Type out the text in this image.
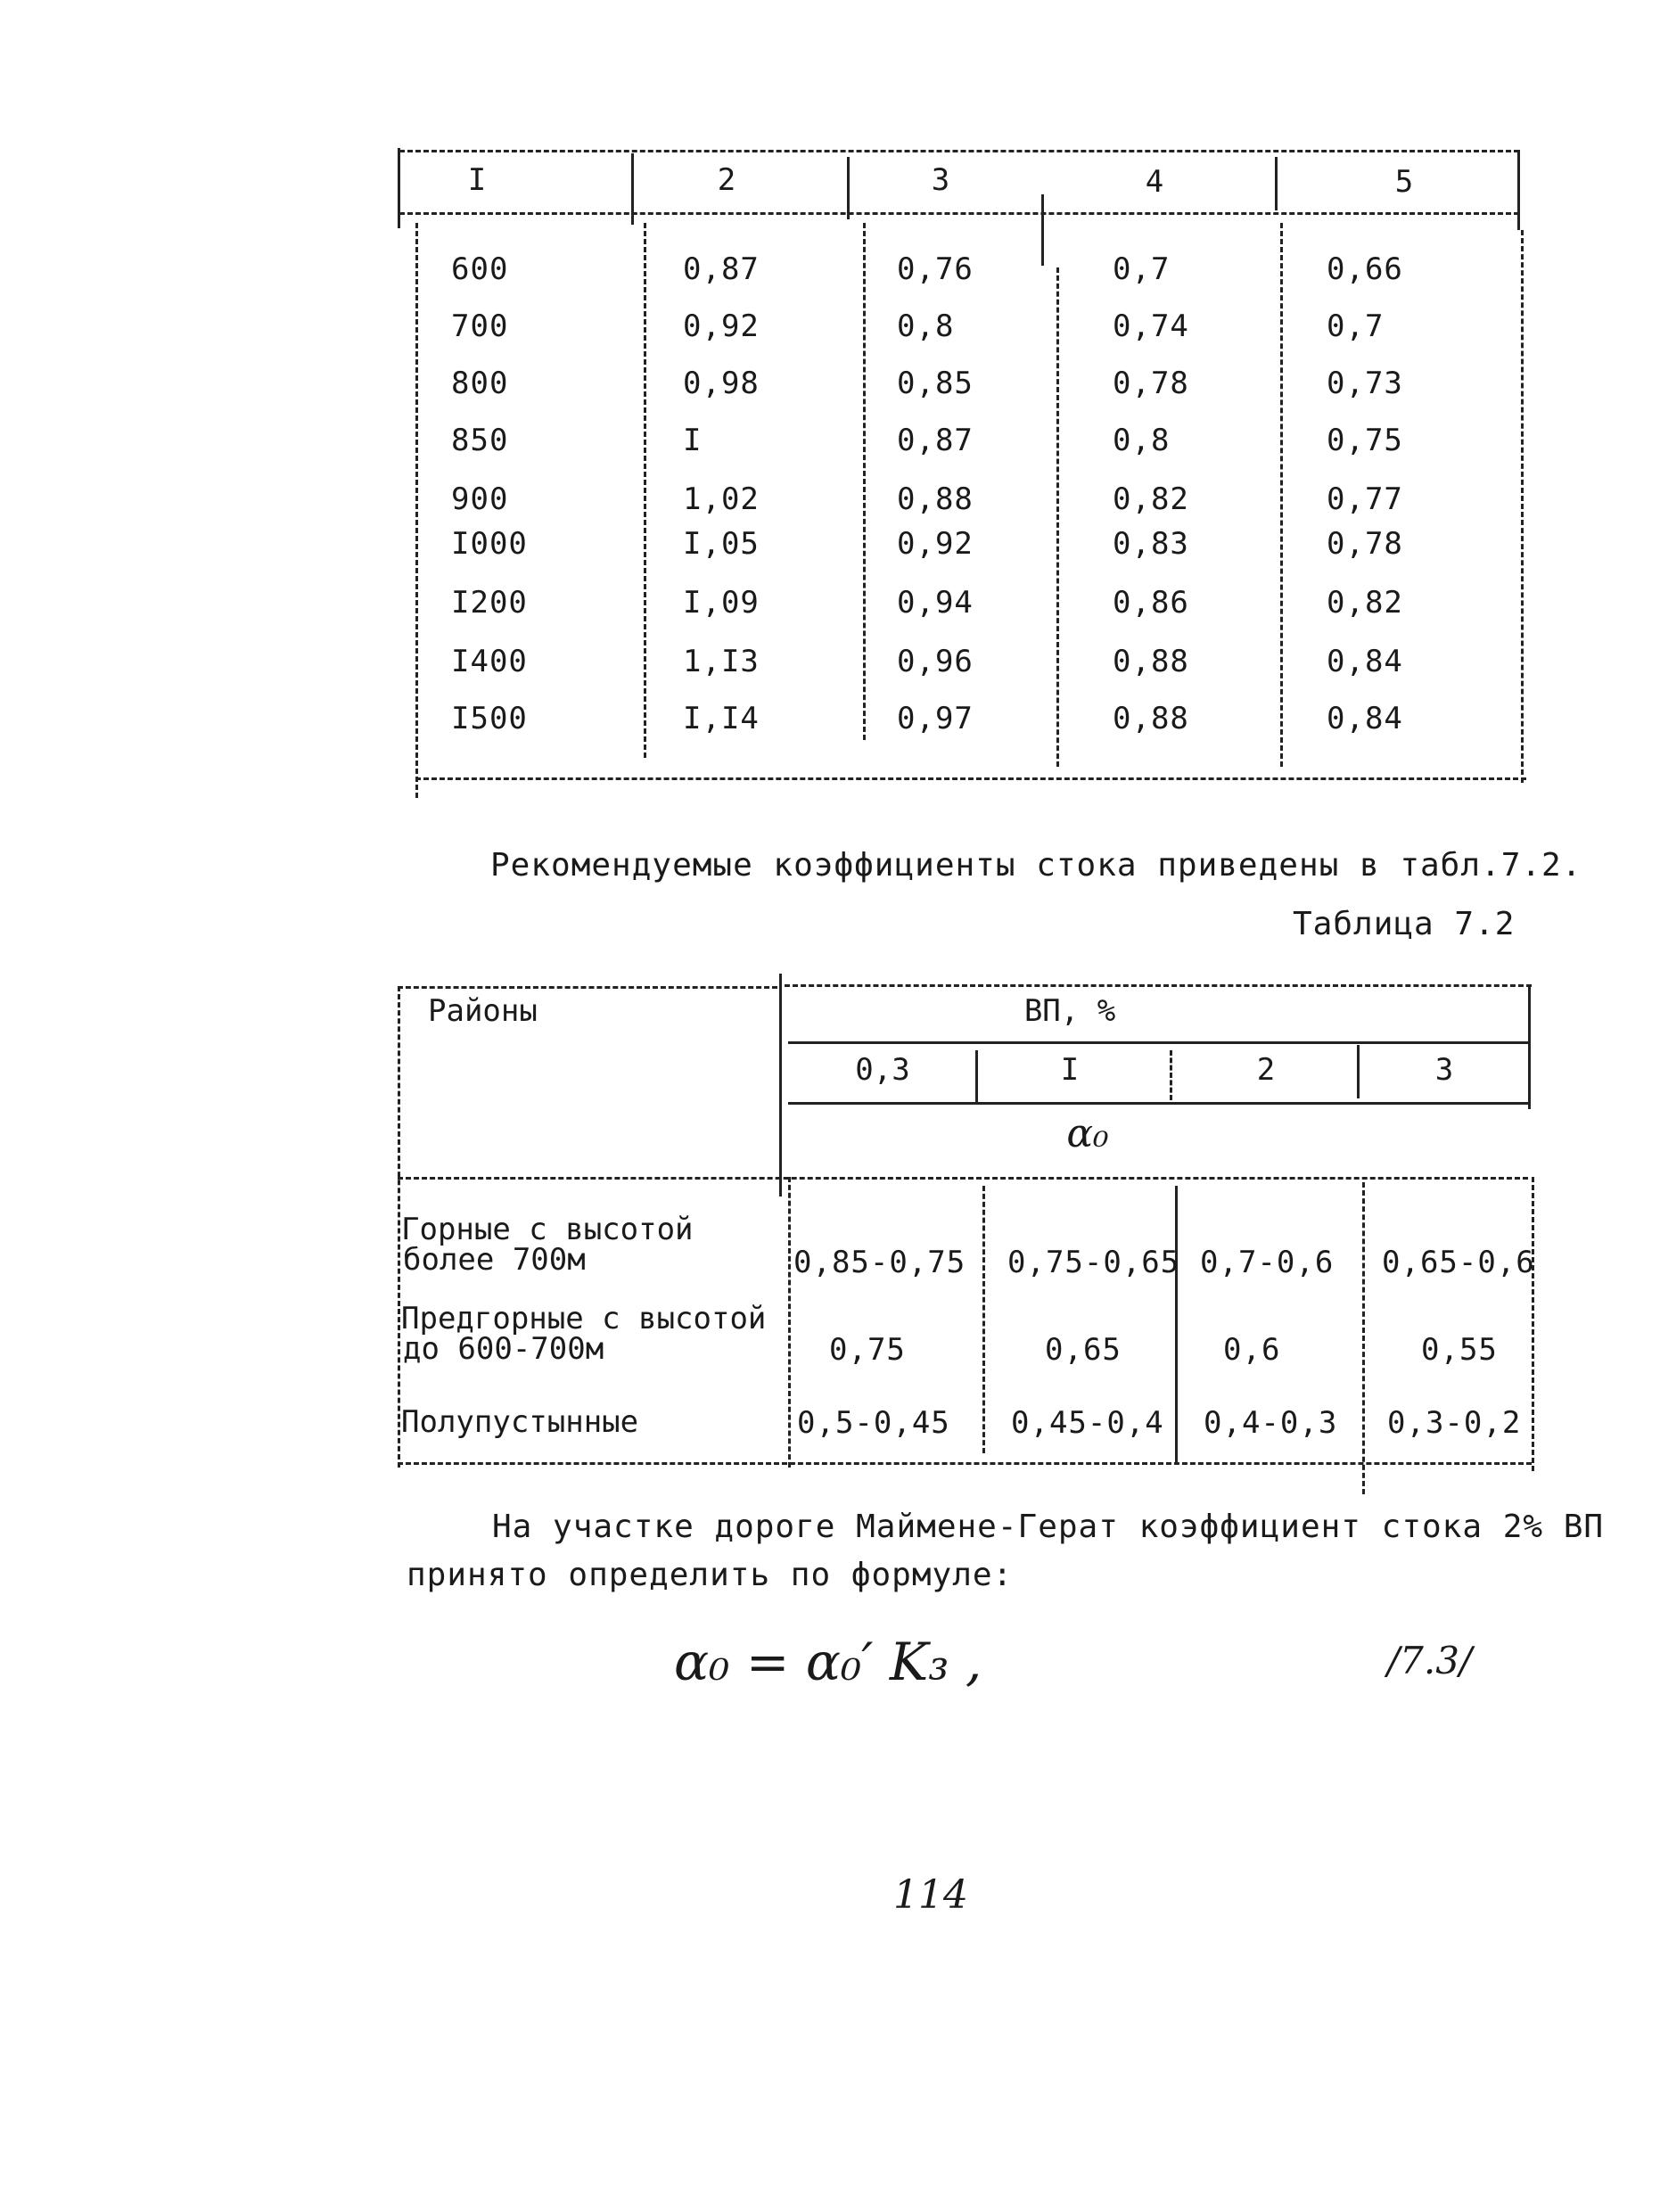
I	2	3	4	5
600	0,87	0,76	0,7	0,66
700	0,92	0,8	0,74	0,7
800	0,98	0,85	0,78	0,73
850	I	0,87	0,8	0,75
900	1,02	0,88	0,82	0,77
I000	I,05	0,92	0,83	0,78
I200	I,09	0,94	0,86	0,82
I400	1,I3	0,96	0,88	0,84
I500	I,I4	0,97	0,88	0,84
Рекомендуемые коэффициенты стока приведены в табл.7.2.
Таблица 7.2
Районы	ВП, %
0,3	I	2	3
α₀
Горные с высотой
более 700м	0,85-0,75 0,75-0,65 0,7-0,6 0,65-0,6
Предгорные с высотой
до 600-700м	0,75	0,65	0,6	0,55
Полупустынные	0,5-0,45 0,45-0,4 0,4-0,3 0,3-0,2
На участке дороге Маймене-Герат коэффициент стока 2% ВП
принято определить по формуле:
α₀ = α₀′ K₃ ,	/7.3/
114
